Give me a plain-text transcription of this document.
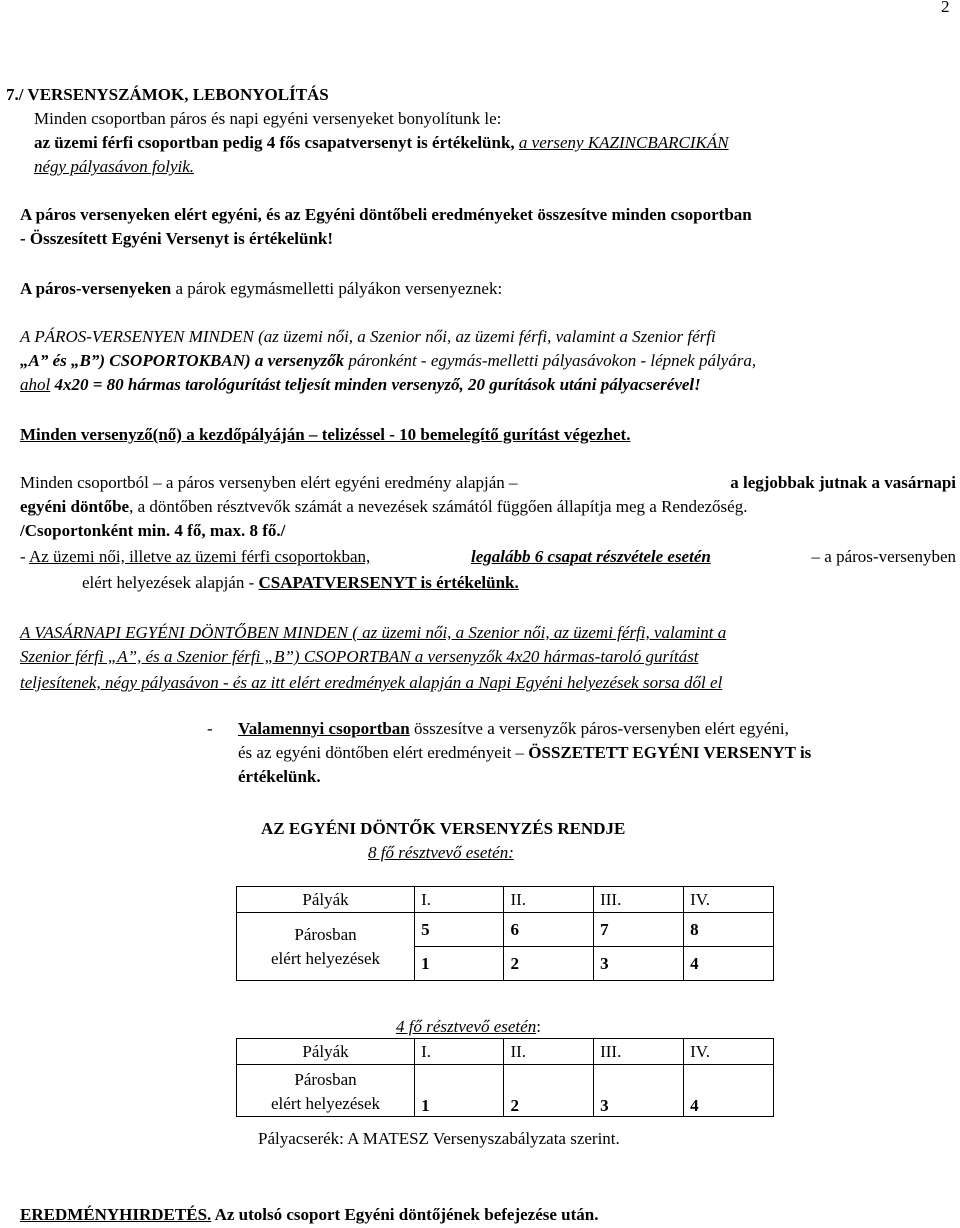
2
7./ VERSENYSZÁMOK, LEBONYOLÍTÁS
Minden csoportban páros és napi egyéni versenyeket bonyolítunk le:
az üzemi férfi csoportban pedig 4 fős csapatversenyt is értékelünk, a verseny KAZINCBARCIKÁN
négy pályasávon folyik.
A páros versenyeken elért egyéni, és az Egyéni döntőbeli eredményeket összesítve minden csoportban
- Összesített Egyéni Versenyt is értékelünk!
A páros-versenyeken a párok egymásmelletti pályákon versenyeznek:
A PÁROS-VERSENYEN MINDEN (az üzemi női, a Szenior női, az üzemi férfi, valamint a Szenior férfi
„A” és „B”) CSOPORTOKBAN) a versenyzők páronként - egymás-melletti pályasávokon - lépnek pályára,
ahol 4x20 = 80 hármas tarológurítást teljesít minden versenyző, 20 gurítások utáni pályacserével!
Minden versenyző(nő) a kezdőpályáján – telizéssel - 10 bemelegítő gurítást végezhet.
Minden csoportból – a páros versenyben elért egyéni eredmény alapján –	a legjobbak jutnak a vasárnapi
egyéni döntőbe, a döntőben résztvevők számát a nevezések számától függően állapítja meg a Rendezőség.
/Csoportonként min. 4 fő, max. 8 fő./
- Az üzemi női, illetve az üzemi férfi csoportokban,	legalább 6 csapat részvétele esetén	– a páros-versenyben
elért helyezések alapján - CSAPATVERSENYT is értékelünk.
A VASÁRNAPI EGYÉNI DÖNTŐBEN MINDEN ( az üzemi női, a Szenior női, az üzemi férfi, valamint a
Szenior férfi „A”, és a Szenior férfi „B”) CSOPORTBAN a versenyzők 4x20 hármas-taroló gurítást
teljesítenek, négy pályasávon - és az itt elért eredmények alapján a Napi Egyéni helyezések sorsa dől el
- Valamennyi csoportban összesítve a versenyzők páros-versenyben elért egyéni,
és az egyéni döntőben elért eredményeit – ÖSSZETETT EGYÉNI VERSENYT is
értékelünk.
AZ EGYÉNI DÖNTŐK VERSENYZÉS RENDJE
8 fő résztvevő esetén:
Pályák	I.	II.	III.	IV.

Párosban
elért helyezések	5	6	7	8
	1	2	3	4
4 fő résztvevő esetén:
Pályák	I.	II.	III.	IV.

Párosban
elért helyezések	1	2	3	4
Pályacserék: A MATESZ Versenyszabályzata szerint.
EREDMÉNYHIRDETÉS. Az utolsó csoport Egyéni döntőjének befejezése után.
